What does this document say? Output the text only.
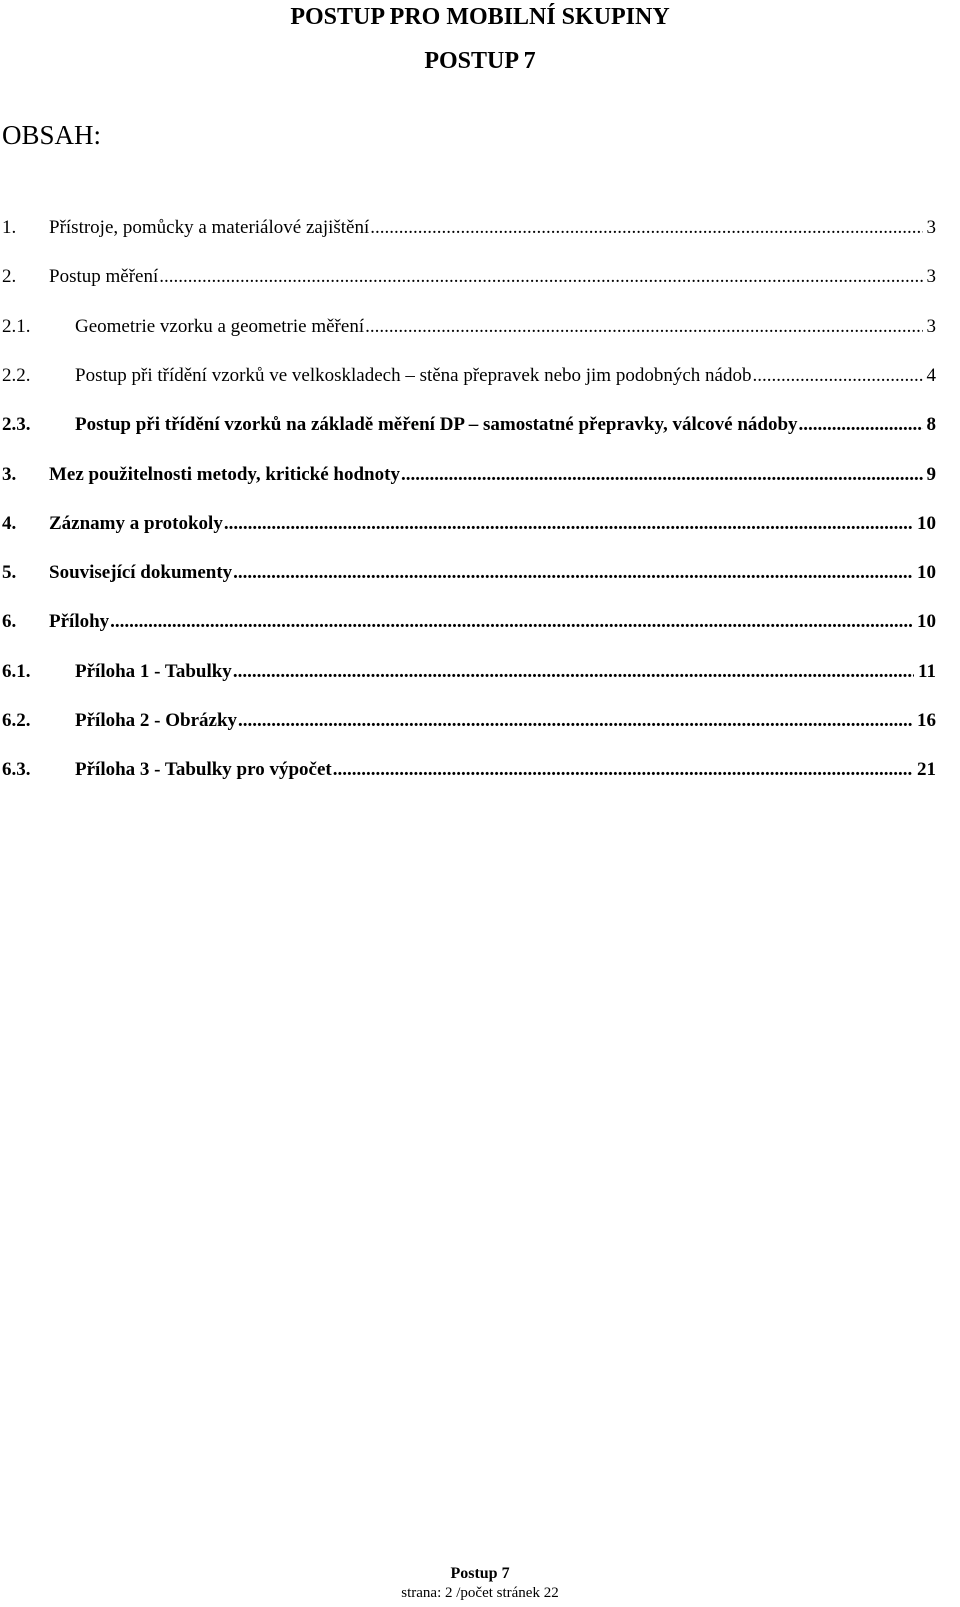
POSTUP PRO MOBILNÍ SKUPINY
POSTUP 7
OBSAH:
1.	Přístroje, pomůcky a materiálové zajištění .....	3
2.	Postup měření .....	3
2.1.	Geometrie vzorku a geometrie měření .....	3
2.2.	Postup při třídění vzorků ve velkoskladech – stěna přepravek nebo jim podobných nádob .....	4
2.3.	Postup při třídění vzorků na základě měření DP – samostatné přepravky, válcové nádoby .....	8
3.	Mez použitelnosti metody, kritické hodnoty .....	9
4.	Záznamy a protokoly .....	10
5.	Související dokumenty .....	10
6.	Přílohy .....	10
6.1.	Příloha 1 - Tabulky .....	11
6.2.	Příloha 2 - Obrázky .....	16
6.3.	Příloha 3 - Tabulky pro výpočet .....	21
Postup 7
strana: 2 /počet stránek 22
